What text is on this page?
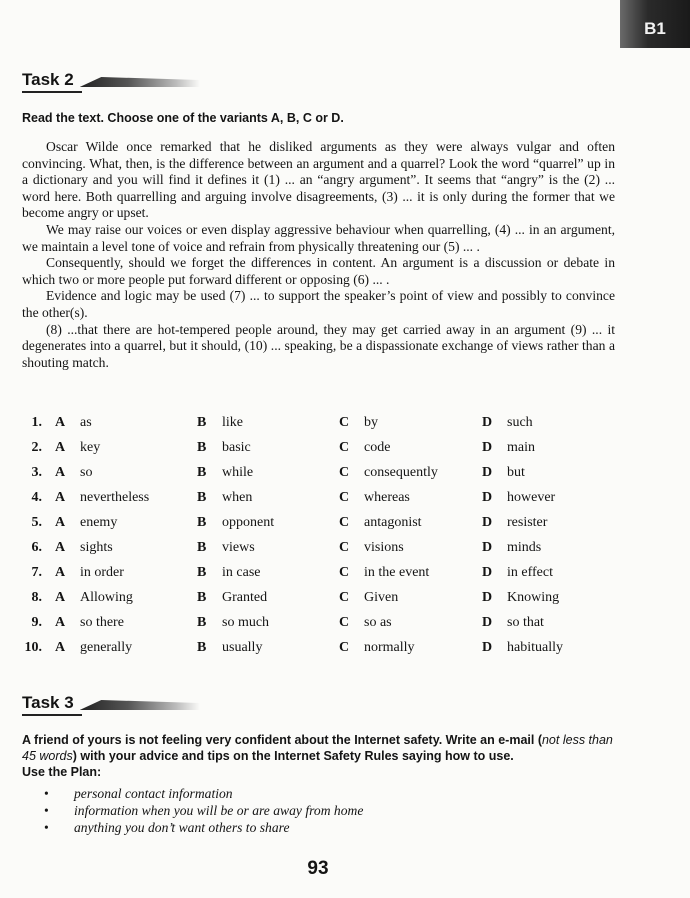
B1
Task 2
Read the text. Choose one of the variants A, B, C or D.

Oscar Wilde once remarked that he disliked arguments as they were always vulgar and often convincing. What, then, is the difference between an argument and a quarrel? Look the word “quarrel” up in a dictionary and you will find it defines it (1) ... an “angry argument”. It seems that “angry” is the (2) ... word here. Both quarrelling and arguing involve disagreements, (3) ... it is only during the former that we become angry or upset.

We may raise our voices or even display aggressive behaviour when quarrelling, (4) ... in an argument, we maintain a level tone of voice and refrain from physically threatening our (5) ... .

Consequently, should we forget the differences in content. An argument is a discussion or debate in which two or more people put forward different or opposing (6) ... .

Evidence and logic may be used (7) ... to support the speaker’s point of view and possibly to convince the other(s).

(8) ...that there are hot-tempered people around, they may get carried away in an argument (9) ... it degenerates into a quarrel, but it should, (10) ... speaking, be a dispassionate exchange of views rather than a shouting match.

1. A as	B like	C by	D such
2. A key	B basic	C code	D main
3. A so	B while	C consequently	D but
4. A nevertheless	B when	C whereas	D however
5. A enemy	B opponent	C antagonist	D resister
6. A sights	B views	C visions	D minds
7. A in order	B in case	C in the event	D in effect
8. A Allowing	B Granted	C Given	D Knowing
9. A so there	B so much	C so as	D so that
10. A generally	B usually	C normally	D habitually
Task 3
A friend of yours is not feeling very confident about the Internet safety. Write an e-mail (not less than 45 words) with your advice and tips on the Internet Safety Rules saying how to use.
Use the Plan:
• personal contact information
• information when you will be or are away from home
• anything you don’t want others to share
93
